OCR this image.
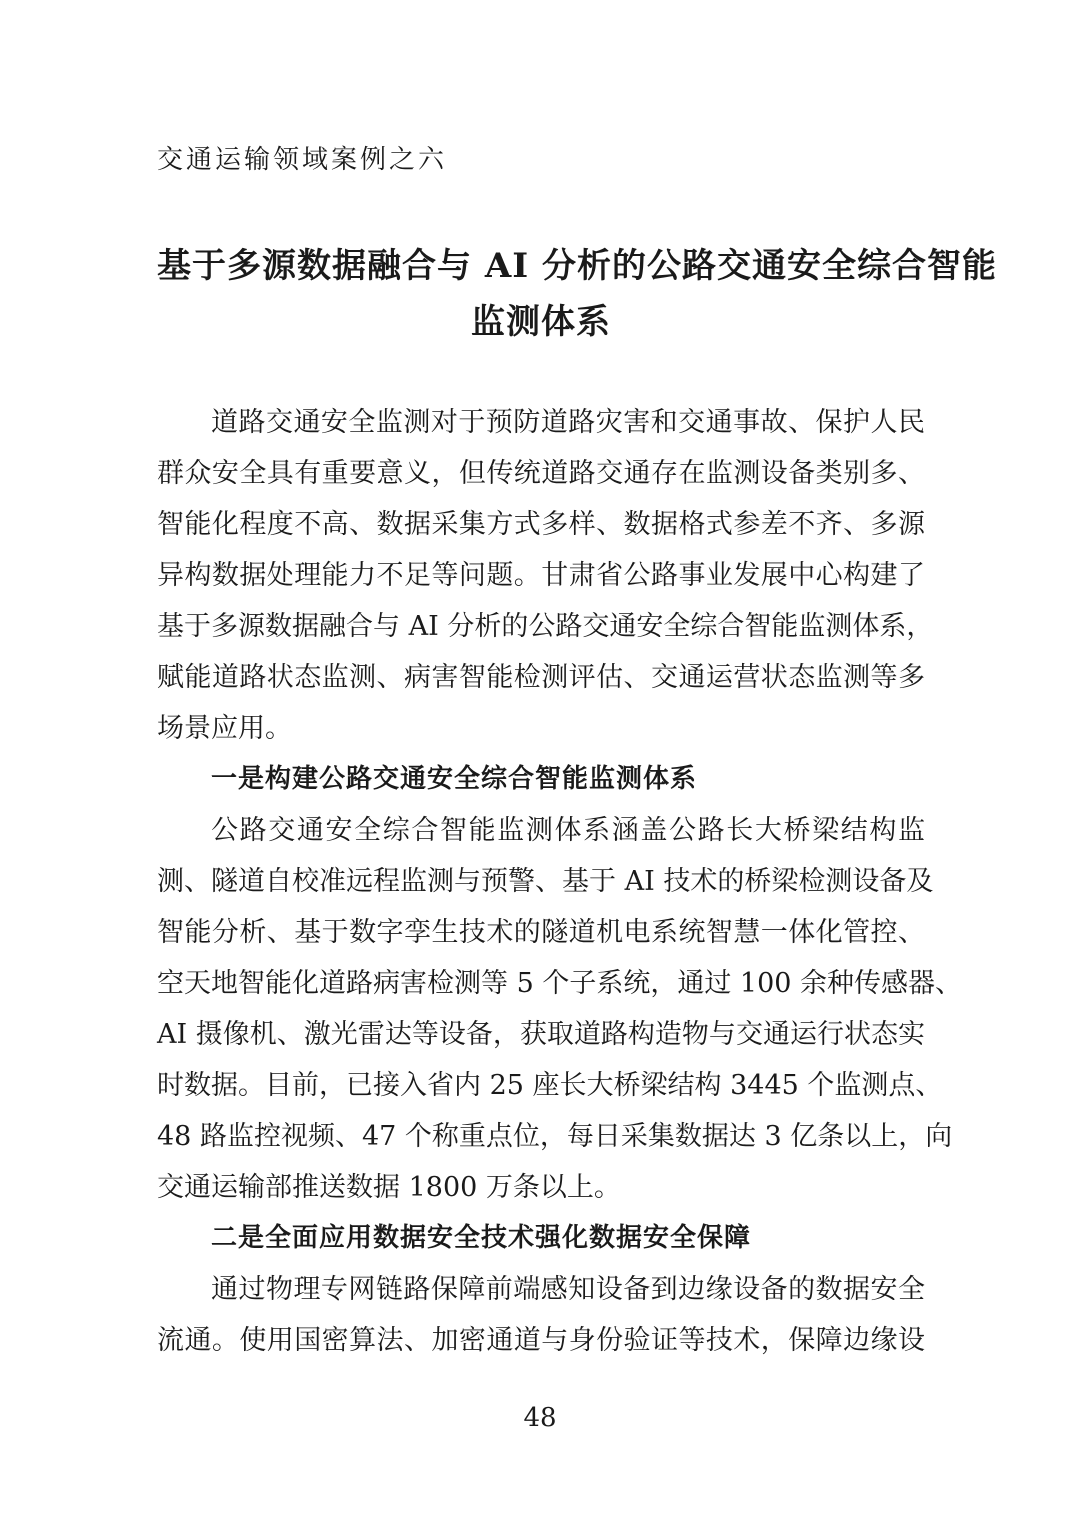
交通运输领域案例之六
基于多源数据融合与 AI 分析的公路交通安全综合智能
监测体系
道路交通安全监测对于预防道路灾害和交通事故、保护人民
群众安全具有重要意义，但传统道路交通存在监测设备类别多、
智能化程度不高、数据采集方式多样、数据格式参差不齐、多源
异构数据处理能力不足等问题。甘肃省公路事业发展中心构建了
基于多源数据融合与 AI 分析的公路交通安全综合智能监测体系，
赋能道路状态监测、病害智能检测评估、交通运营状态监测等多
场景应用。
一是构建公路交通安全综合智能监测体系
公路交通安全综合智能监测体系涵盖公路长大桥梁结构监
测、隧道自校准远程监测与预警、基于 AI 技术的桥梁检测设备及
智能分析、基于数字孪生技术的隧道机电系统智慧一体化管控、
空天地智能化道路病害检测等 5 个子系统，通过 100 余种传感器、
AI 摄像机、激光雷达等设备，获取道路构造物与交通运行状态实
时数据。目前，已接入省内 25 座长大桥梁结构 3445 个监测点、
48 路监控视频、47 个称重点位，每日采集数据达 3 亿条以上，向
交通运输部推送数据 1800 万条以上。
二是全面应用数据安全技术强化数据安全保障
通过物理专网链路保障前端感知设备到边缘设备的数据安全
流通。使用国密算法、加密通道与身份验证等技术，保障边缘设
48
